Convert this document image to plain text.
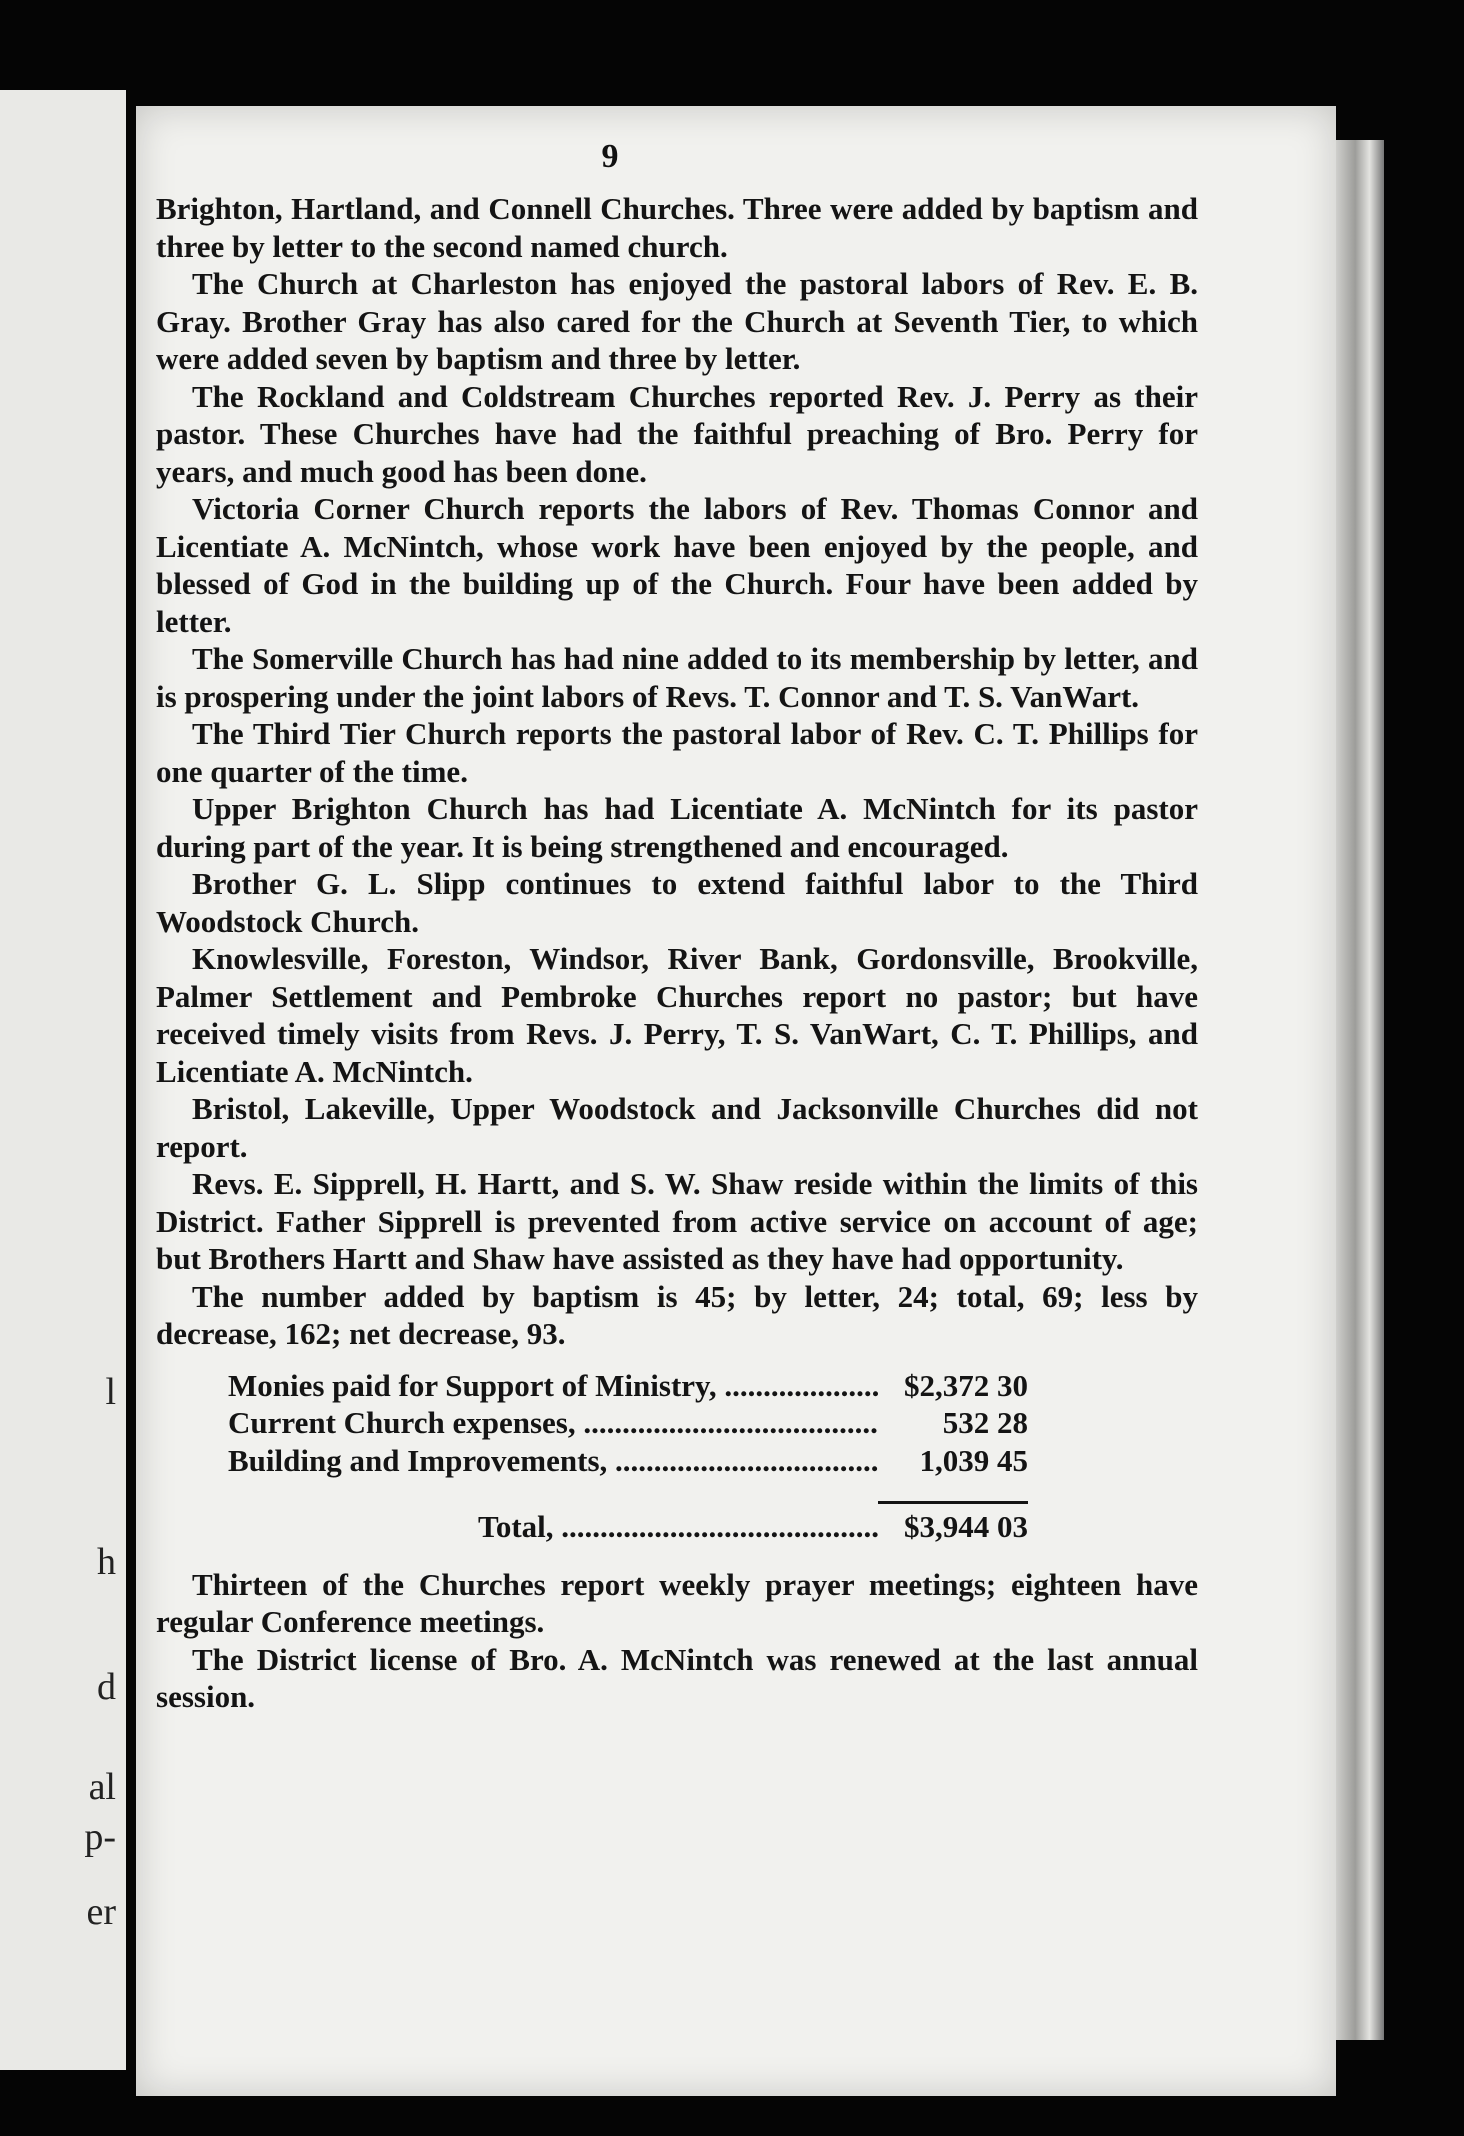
l
h
d
al
p-
er
9

Brighton, Hartland, and Connell Churches. Three were added by baptism and three by letter to the second named church.

The Church at Charleston has enjoyed the pastoral labors of Rev. E. B. Gray. Brother Gray has also cared for the Church at Seventh Tier, to which were added seven by baptism and three by letter.

The Rockland and Coldstream Churches reported Rev. J. Perry as their pastor. These Churches have had the faithful preaching of Bro. Perry for years, and much good has been done.

Victoria Corner Church reports the labors of Rev. Thomas Connor and Licentiate A. McNintch, whose work have been enjoyed by the people, and blessed of God in the building up of the Church. Four have been added by letter.

The Somerville Church has had nine added to its membership by letter, and is prospering under the joint labors of Revs. T. Connor and T. S. VanWart.

The Third Tier Church reports the pastoral labor of Rev. C. T. Phillips for one quarter of the time.

Upper Brighton Church has had Licentiate A. McNintch for its pastor during part of the year. It is being strengthened and encouraged.

Brother G. L. Slipp continues to extend faithful labor to the Third Woodstock Church.

Knowlesville, Foreston, Windsor, River Bank, Gordonsville, Brookville, Palmer Settlement and Pembroke Churches report no pastor; but have received timely visits from Revs. J. Perry, T. S. VanWart, C. T. Phillips, and Licentiate A. McNintch.

Bristol, Lakeville, Upper Woodstock and Jacksonville Churches did not report.

Revs. E. Sipprell, H. Hartt, and S. W. Shaw reside within the limits of this District. Father Sipprell is prevented from active service on account of age; but Brothers Hartt and Shaw have assisted as they have had opportunity.

The number added by baptism is 45; by letter, 24; total, 69; less by decrease, 162; net decrease, 93.

Monies paid for Support of Ministry, .....	$2,372 30
Current Church expenses, .....	532 28
Building and Improvements, .....	1,039 45
Total, .....	$3,944 03

Thirteen of the Churches report weekly prayer meetings; eighteen have regular Conference meetings.

The District license of Bro. A. McNintch was renewed at the last annual session.
